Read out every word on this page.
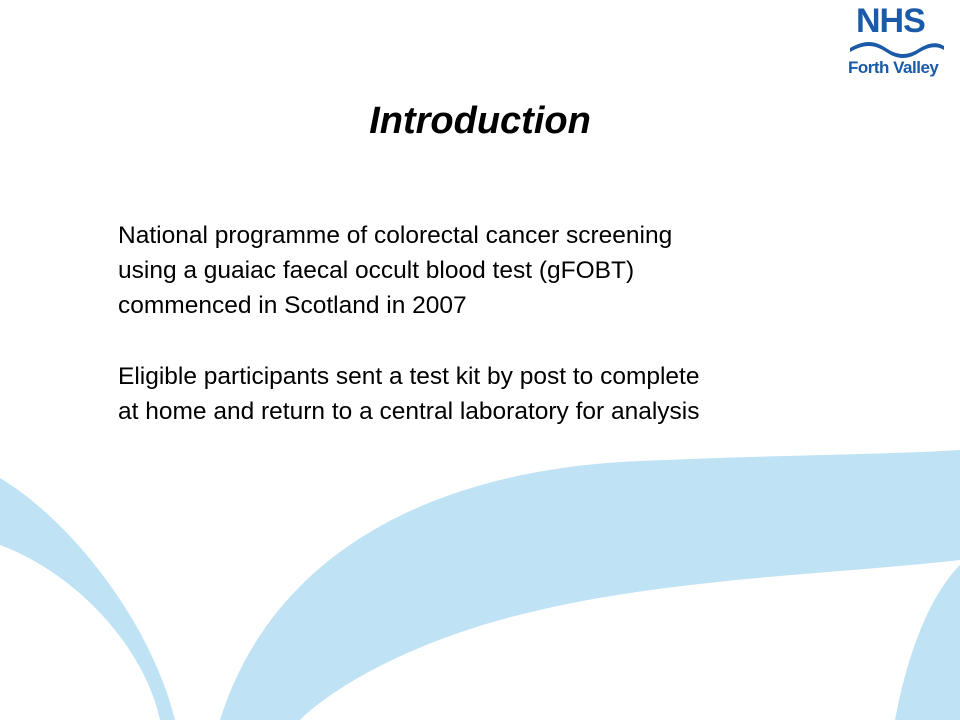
NHS
Forth Valley
Introduction

National programme of colorectal cancer screening
using a guaiac faecal occult blood test (gFOBT)
commenced in Scotland in 2007

Eligible participants sent a test kit by post to complete
at home and return to a central laboratory for analysis
